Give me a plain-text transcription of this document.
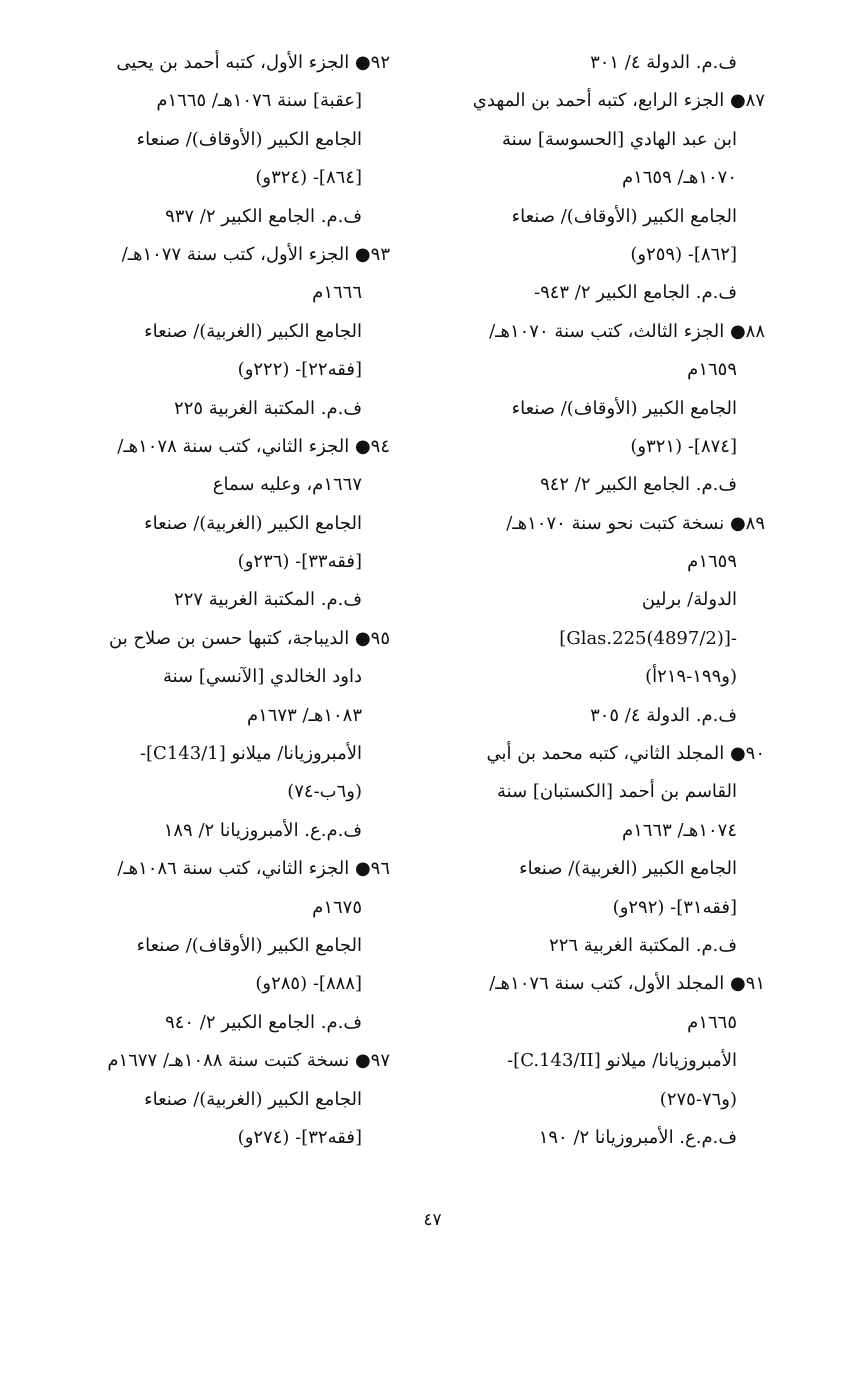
ف.م. الدولة ٤/ ٣٠١
٨٧● الجزء الرابع، كتبه أحمد بن المهدي
ابن عبد الهادي [الحسوسة] سنة
١٠٧٠هـ/ ١٦٥٩م
الجامع الكبير (الأوقاف)/ صنعاء
[٨٦٢]- (٢٥٩و)
ف.م. الجامع الكبير ٢/ ٩٤٣-
٨٨● الجزء الثالث، كتب سنة ١٠٧٠هـ/
١٦٥٩م
الجامع الكبير (الأوقاف)/ صنعاء
[٨٧٤]- (٣٢١و)
ف.م. الجامع الكبير ٢/ ٩٤٢
٨٩● نسخة كتبت نحو سنة ١٠٧٠هـ/
١٦٥٩م
الدولة/ برلين
-[(4897/2)Glas.225]
(و١٩٩-٢١٩أ)
ف.م. الدولة ٤/ ٣٠٥
٩٠● المجلد الثاني، كتبه محمد بن أبي
القاسم بن أحمد [الكستبان] سنة
١٠٧٤هـ/ ١٦٦٣م
الجامع الكبير (الغربية)/ صنعاء
[فقه٣١]- (٢٩٢و)
ف.م. المكتبة الغربية ٢٢٦
٩١● المجلد الأول، كتب سنة ١٠٧٦هـ/
١٦٦٥م
الأمبروزيانا/ ميلانو [C.143/II]-
(و٧٦-٢٧٥)
ف.م.ع. الأمبروزيانا ٢/ ١٩٠
٩٢● الجزء الأول، كتبه أحمد بن يحيى
[عقبة] سنة ١٠٧٦هـ/ ١٦٦٥م
الجامع الكبير (الأوقاف)/ صنعاء
[٨٦٤]- (٣٢٤و)
ف.م. الجامع الكبير ٢/ ٩٣٧
٩٣● الجزء الأول، كتب سنة ١٠٧٧هـ/
١٦٦٦م
الجامع الكبير (الغربية)/ صنعاء
[فقه٢٢]- (٢٢٢و)
ف.م. المكتبة الغربية ٢٢٥
٩٤● الجزء الثاني، كتب سنة ١٠٧٨هـ/
١٦٦٧م، وعليه سماع
الجامع الكبير (الغربية)/ صنعاء
[فقه٣٣]- (٢٣٦و)
ف.م. المكتبة الغربية ٢٢٧
٩٥● الديباجة، كتبها حسن بن صلاح بن
داود الخالدي [الآنسي] سنة
١٠٨٣هـ/ ١٦٧٣م
الأمبروزيانا/ ميلانو [C143/1]-
(و٦ب-٧٤)
ف.م.ع. الأمبروزيانا ٢/ ١٨٩
٩٦● الجزء الثاني، كتب سنة ١٠٨٦هـ/
١٦٧٥م
الجامع الكبير (الأوقاف)/ صنعاء
[٨٨٨]- (٢٨٥و)
ف.م. الجامع الكبير ٢/ ٩٤٠
٩٧● نسخة كتبت سنة ١٠٨٨هـ/ ١٦٧٧م
الجامع الكبير (الغربية)/ صنعاء
[فقه٣٢]- (٢٧٤و)
٤٧
